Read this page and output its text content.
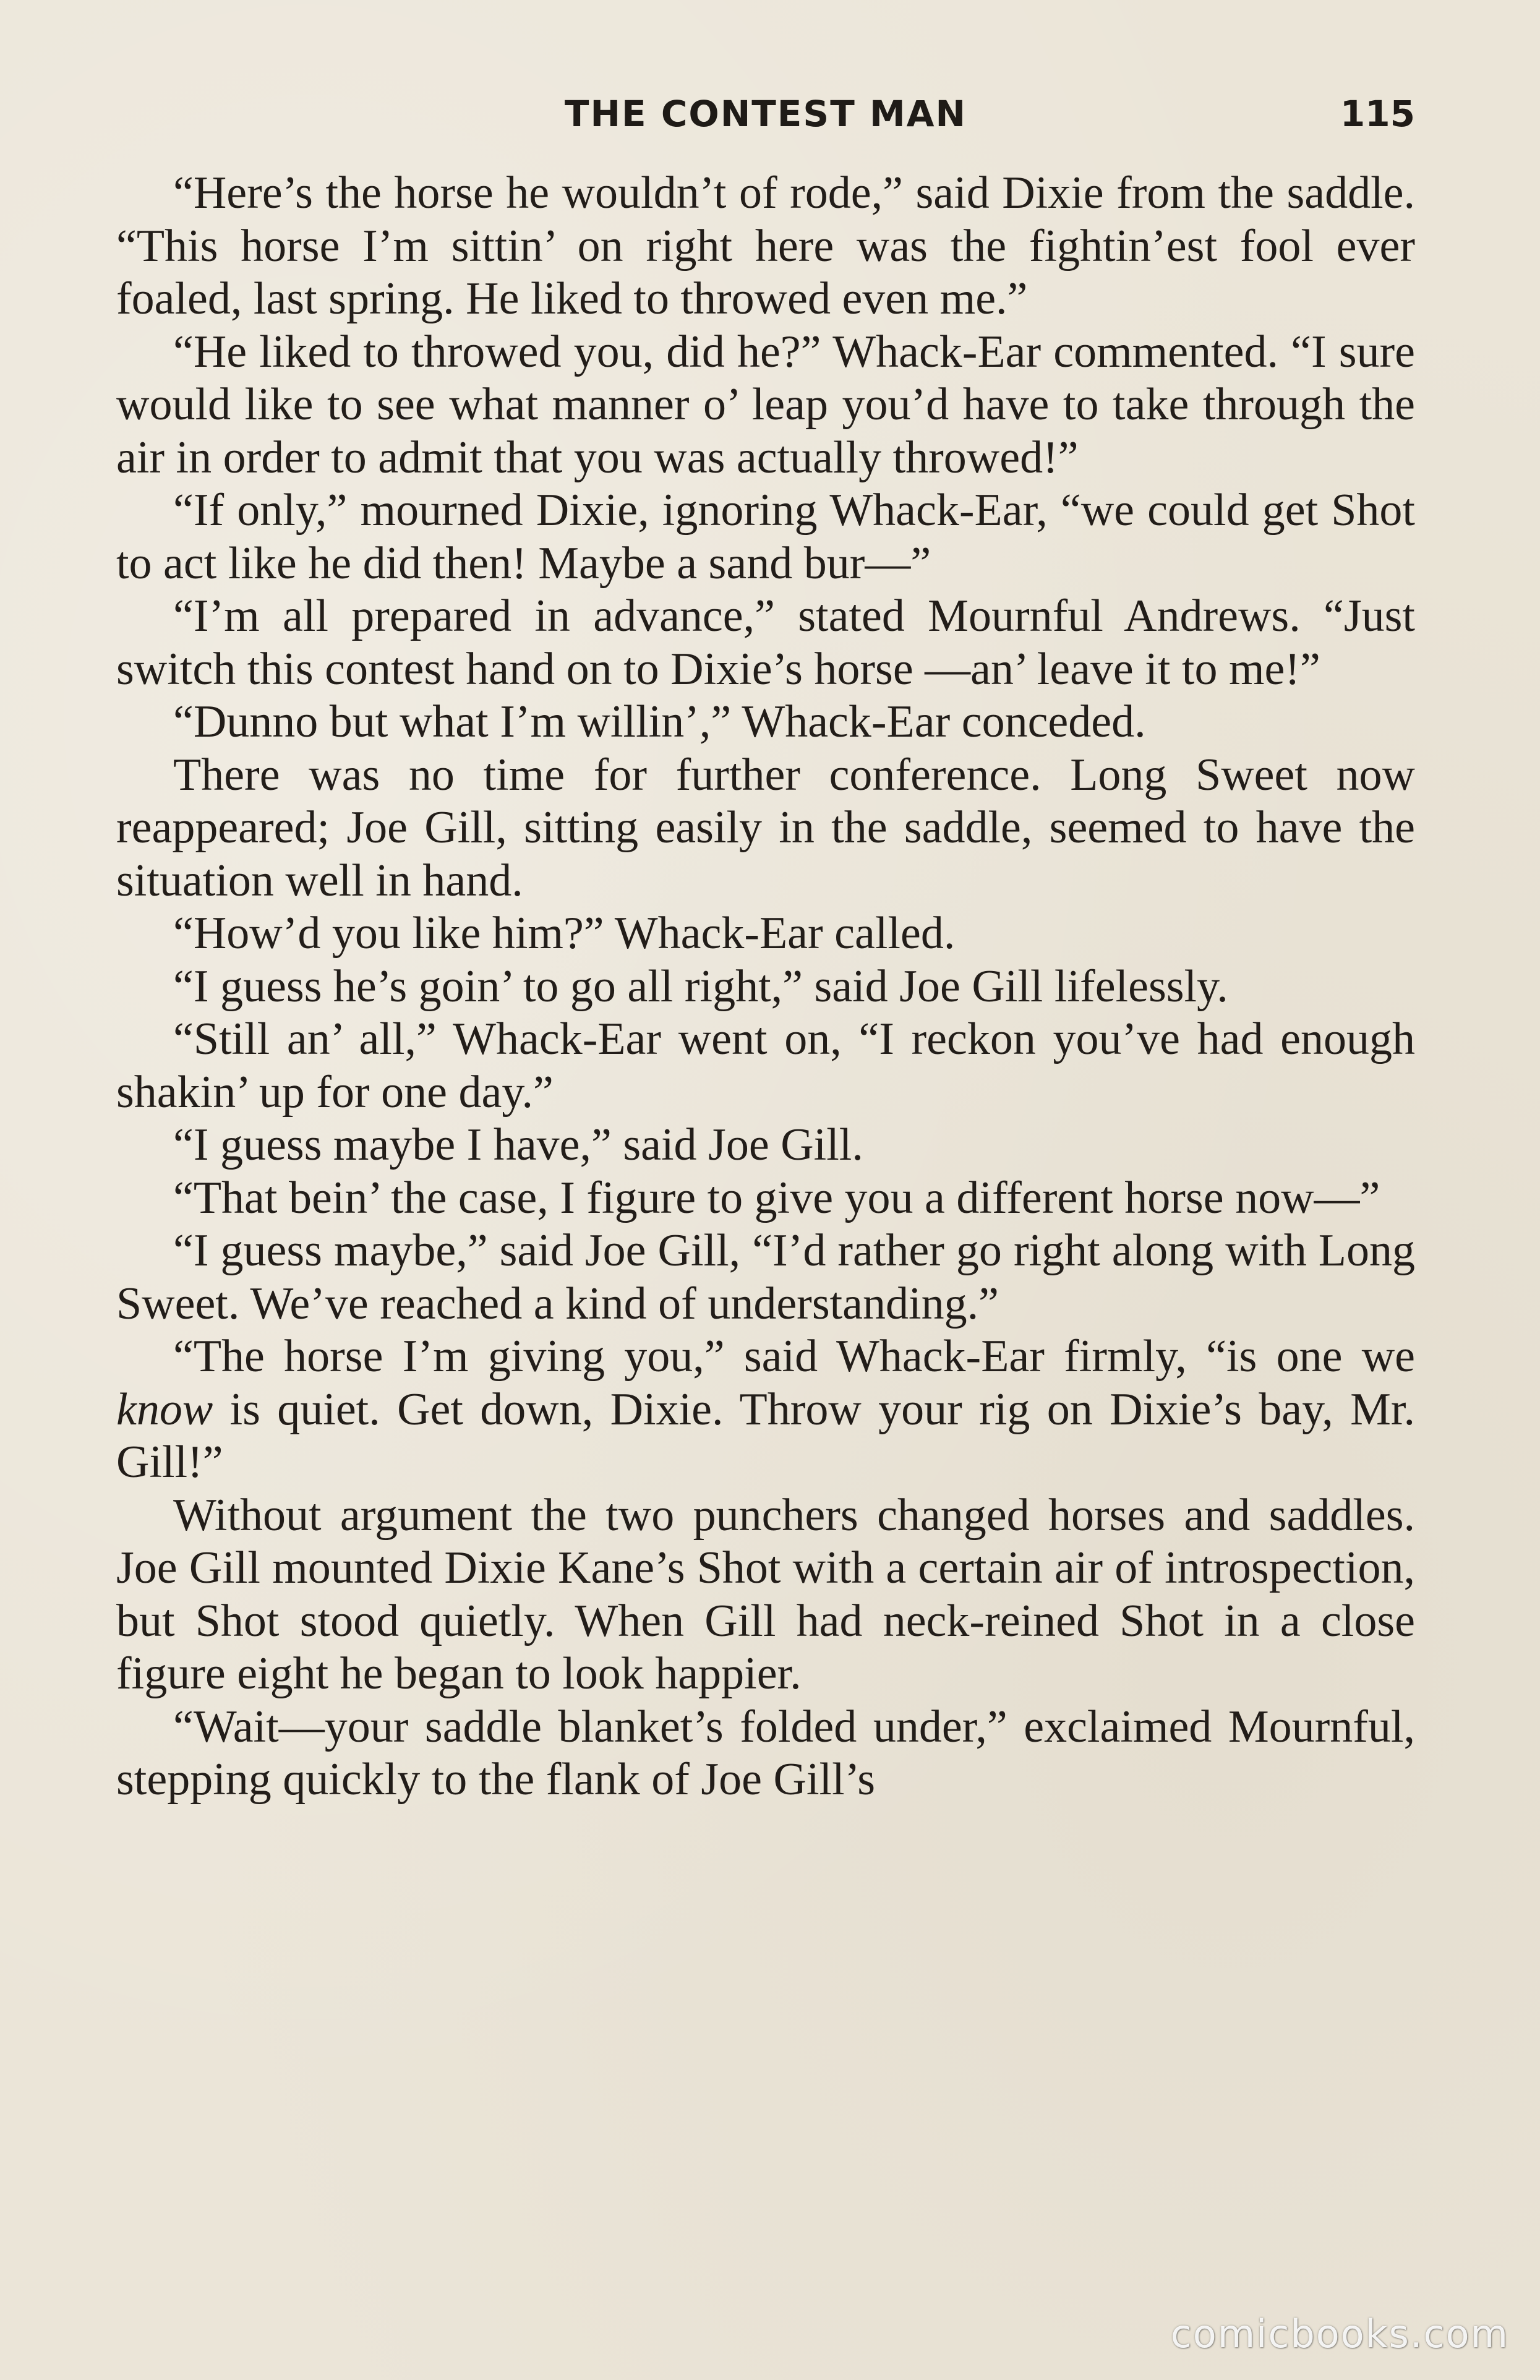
THE CONTEST MAN	115

“Here’s the horse he wouldn’t of rode,” said Dixie from the saddle. “This horse I’m sittin’ on right here was the fightin’est fool ever foaled, last spring. He liked to throwed even me.”

“He liked to throwed you, did he?” Whack-Ear commented. “I sure would like to see what manner o’ leap you’d have to take through the air in order to admit that you was actually throwed!”

“If only,” mourned Dixie, ignoring Whack-Ear, “we could get Shot to act like he did then! Maybe a sand bur—”

“I’m all prepared in advance,” stated Mournful Andrews. “Just switch this contest hand on to Dixie’s horse —an’ leave it to me!”

“Dunno but what I’m willin’,” Whack-Ear conceded.

There was no time for further conference. Long Sweet now reappeared; Joe Gill, sitting easily in the saddle, seemed to have the situation well in hand.

“How’d you like him?” Whack-Ear called.

“I guess he’s goin’ to go all right,” said Joe Gill lifelessly.

“Still an’ all,” Whack-Ear went on, “I reckon you’ve had enough shakin’ up for one day.”

“I guess maybe I have,” said Joe Gill.

“That bein’ the case, I figure to give you a different horse now—”

“I guess maybe,” said Joe Gill, “I’d rather go right along with Long Sweet. We’ve reached a kind of understanding.”

“The horse I’m giving you,” said Whack-Ear firmly, “is one we know is quiet. Get down, Dixie. Throw your rig on Dixie’s bay, Mr. Gill!”

Without argument the two punchers changed horses and saddles. Joe Gill mounted Dixie Kane’s Shot with a certain air of introspection, but Shot stood quietly. When Gill had neck-reined Shot in a close figure eight he began to look happier.

“Wait—your saddle blanket’s folded under,” exclaimed Mournful, stepping quickly to the flank of Joe Gill’s

comicbooks.com
